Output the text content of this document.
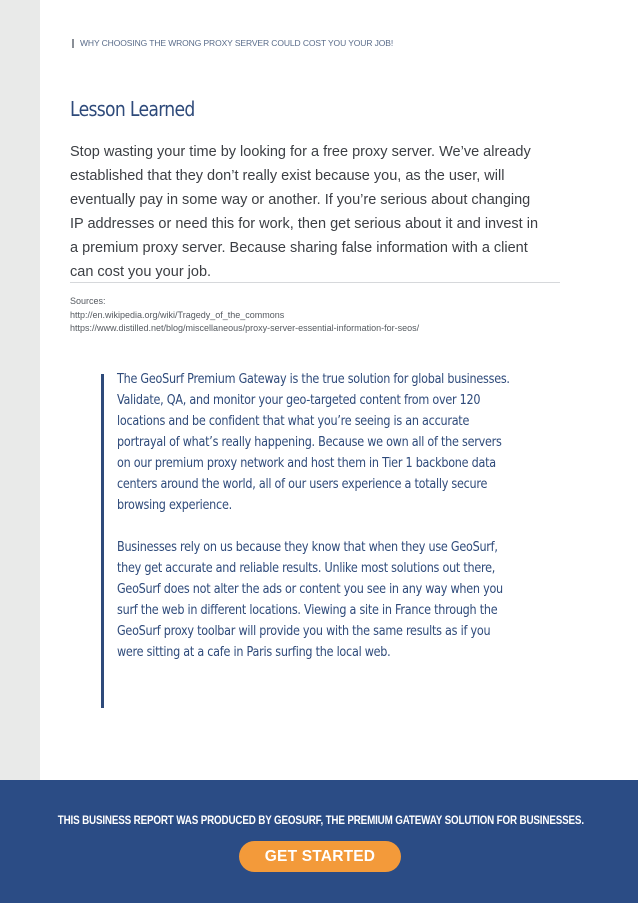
WHY CHOOSING THE WRONG PROXY SERVER COULD COST YOU YOUR JOB!
Lesson Learned

Stop wasting your time by looking for a free proxy server. We’ve already established that they don’t really exist because you, as the user, will eventually pay in some way or another. If you’re serious about changing IP addresses or need this for work, then get serious about it and invest in a premium proxy server. Because sharing false information with a client can cost you your job.

Sources:
http://en.wikipedia.org/wiki/Tragedy_of_the_commons
https://www.distilled.net/blog/miscellaneous/proxy-server-essential-information-for-seos/

The GeoSurf Premium Gateway is the true solution for global businesses. Validate, QA, and monitor your geo-targeted content from over 120 locations and be confident that what you’re seeing is an accurate portrayal of what’s really happening. Because we own all of the servers on our premium proxy network and host them in Tier 1 backbone data centers around the world, all of our users experience a totally secure browsing experience.

Businesses rely on us because they know that when they use GeoSurf, they get accurate and reliable results. Unlike most solutions out there, GeoSurf does not alter the ads or content you see in any way when you surf the web in different locations. Viewing a site in France through the GeoSurf proxy toolbar will provide you with the same results as if you were sitting at a cafe in Paris surfing the local web.

THIS BUSINESS REPORT WAS PRODUCED BY GEOSURF, THE PREMIUM GATEWAY SOLUTION FOR BUSINESSES.
GET STARTED
